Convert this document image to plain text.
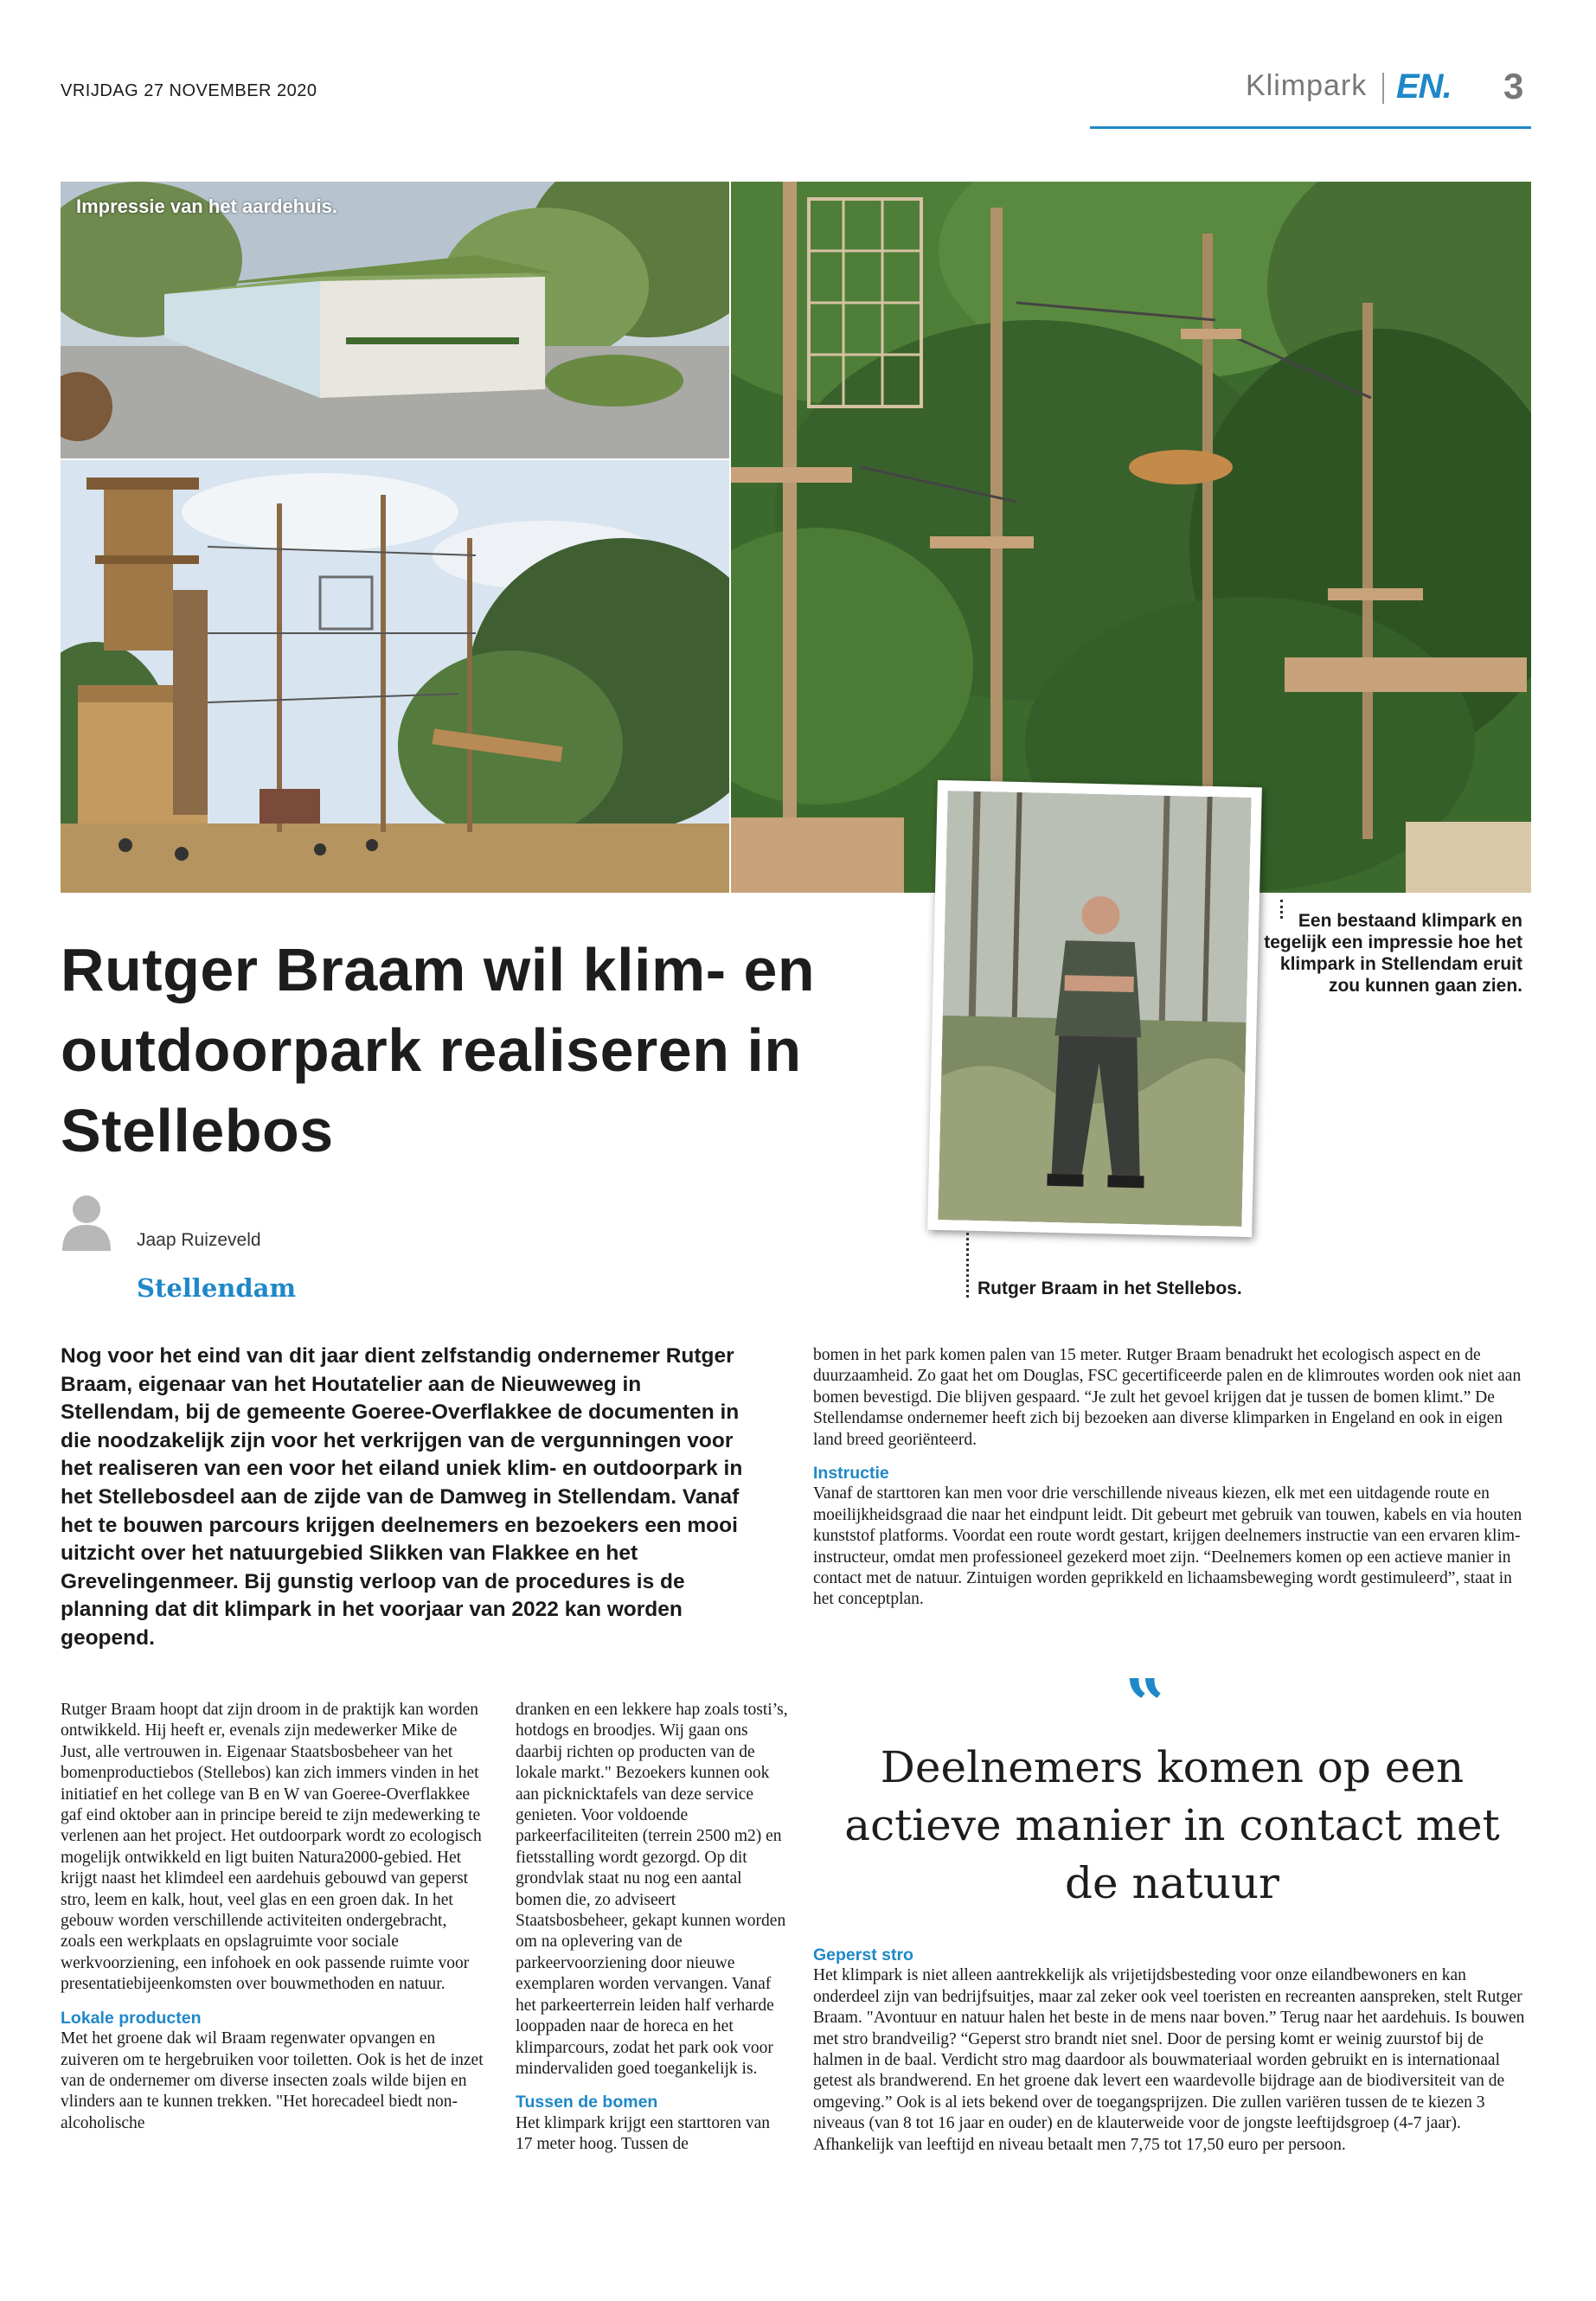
VRIJDAG 27 NOVEMBER 2020	Klimpark EN. 3
Impressie van het aardehuis.
Een bestaand klimpark en tegelijk een impressie hoe het klimpark in Stellendam eruit zou kunnen gaan zien.
Rutger Braam in het Stellebos.
Rutger Braam wil klim- en outdoorpark realiseren in Stellebos
Jaap Ruizeveld
Stellendam
Nog voor het eind van dit jaar dient zelfstandig ondernemer Rutger Braam, eigenaar van het Houtatelier aan de Nieuweweg in Stellendam, bij de gemeente Goeree-Overflakkee de documenten in die noodzakelijk zijn voor het verkrijgen van de vergunningen voor het realiseren van een voor het eiland uniek klim- en outdoorpark in het Stellebosdeel aan de zijde van de Damweg in Stellendam. Vanaf het te bouwen parcours krijgen deelnemers en bezoekers een mooi uitzicht over het natuurgebied Slikken van Flakkee en het Grevelingenmeer. Bij gunstig verloop van de procedures is de planning dat dit klimpark in het voorjaar van 2022 kan worden geopend.

Rutger Braam hoopt dat zijn droom in de praktijk kan worden ontwikkeld. Hij heeft er, evenals zijn medewerker Mike de Just, alle vertrouwen in. Eigenaar Staatsbosbeheer van het bomenproductiebos (Stellebos) kan zich immers vinden in het initiatief en het college van B en W van Goeree-Overflakkee gaf eind oktober aan in principe bereid te zijn medewerking te verlenen aan het project. Het outdoorpark wordt zo ecologisch mogelijk ontwikkeld en ligt buiten Natura2000-gebied. Het krijgt naast het klimdeel een aardehuis gebouwd van geperst stro, leem en kalk, hout, veel glas en een groen dak. In het gebouw worden verschillende activiteiten ondergebracht, zoals een werkplaats en opslagruimte voor sociale werkvoorziening, een infohoek en ook passende ruimte voor presentatiebijeenkomsten over bouwmethoden en natuur.

Lokale producten

Met het groene dak wil Braam regenwater opvangen en zuiveren om te hergebruiken voor toiletten. Ook is het de inzet van de ondernemer om diverse insecten zoals wilde bijen en vlinders aan te kunnen trekken. "Het horecadeel biedt non-alcoholische

dranken en een lekkere hap zoals tosti’s, hotdogs en broodjes. Wij gaan ons daarbij richten op producten van de lokale markt." Bezoekers kunnen ook aan picknicktafels van deze service genieten. Voor voldoende parkeerfaciliteiten (terrein 2500 m2) en fietsstalling wordt gezorgd. Op dit grondvlak staat nu nog een aantal bomen die, zo adviseert Staatsbosbeheer, gekapt kunnen worden om na oplevering van de parkeervoorziening door nieuwe exemplaren worden vervangen. Vanaf het parkeerterrein leiden half verharde looppaden naar de horeca en het klimparcours, zodat het park ook voor mindervaliden goed toegankelijk is.

Tussen de bomen

Het klimpark krijgt een starttoren van 17 meter hoog. Tussen de

bomen in het park komen palen van 15 meter. Rutger Braam benadrukt het ecologisch aspect en de duurzaamheid. Zo gaat het om Douglas, FSC gecertificeerde palen en de klimroutes worden ook niet aan bomen bevestigd. Die blijven gespaard. “Je zult het gevoel krijgen dat je tussen de bomen klimt.” De Stellendamse ondernemer heeft zich bij bezoeken aan diverse klimparken in Engeland en ook in eigen land breed georiënteerd.

Instructie

Vanaf de starttoren kan men voor drie verschillende niveaus kiezen, elk met een uitdagende route en moeilijkheidsgraad die naar het eindpunt leidt. Dit gebeurt met gebruik van touwen, kabels en via houten kunststof platforms. Voordat een route wordt gestart, krijgen deelnemers instructie van een ervaren kliminstructeur, omdat men professioneel gezekerd moet zijn. “Deelnemers komen op een actieve manier in contact met de natuur. Zintuigen worden geprikkeld en lichaamsbeweging wordt gestimuleerd”, staat in het conceptplan.

‟
Deelnemers komen op een actieve manier in contact met de natuur
Geperst stro

Het klimpark is niet alleen aantrekkelijk als vrijetijdsbesteding voor onze eilandbewoners en kan onderdeel zijn van bedrijfsuitjes, maar zal zeker ook veel toeristen en recreanten aanspreken, stelt Rutger Braam. "Avontuur en natuur halen het beste in de mens naar boven.” Terug naar het aardehuis. Is bouwen met stro brandveilig? “Geperst stro brandt niet snel. Door de persing komt er weinig zuurstof bij de halmen in de baal. Verdicht stro mag daardoor als bouwmateriaal worden gebruikt en is internationaal getest als brandwerend. En het groene dak levert een waardevolle bijdrage aan de biodiversiteit van de omgeving.” Ook is al iets bekend over de toegangsprijzen. Die zullen variëren tussen de te kiezen 3 niveaus (van 8 tot 16 jaar en ouder) en de klauterweide voor de jongste leeftijdsgroep (4-7 jaar). Afhankelijk van leeftijd en niveau betaalt men 7,75 tot 17,50 euro per persoon.
